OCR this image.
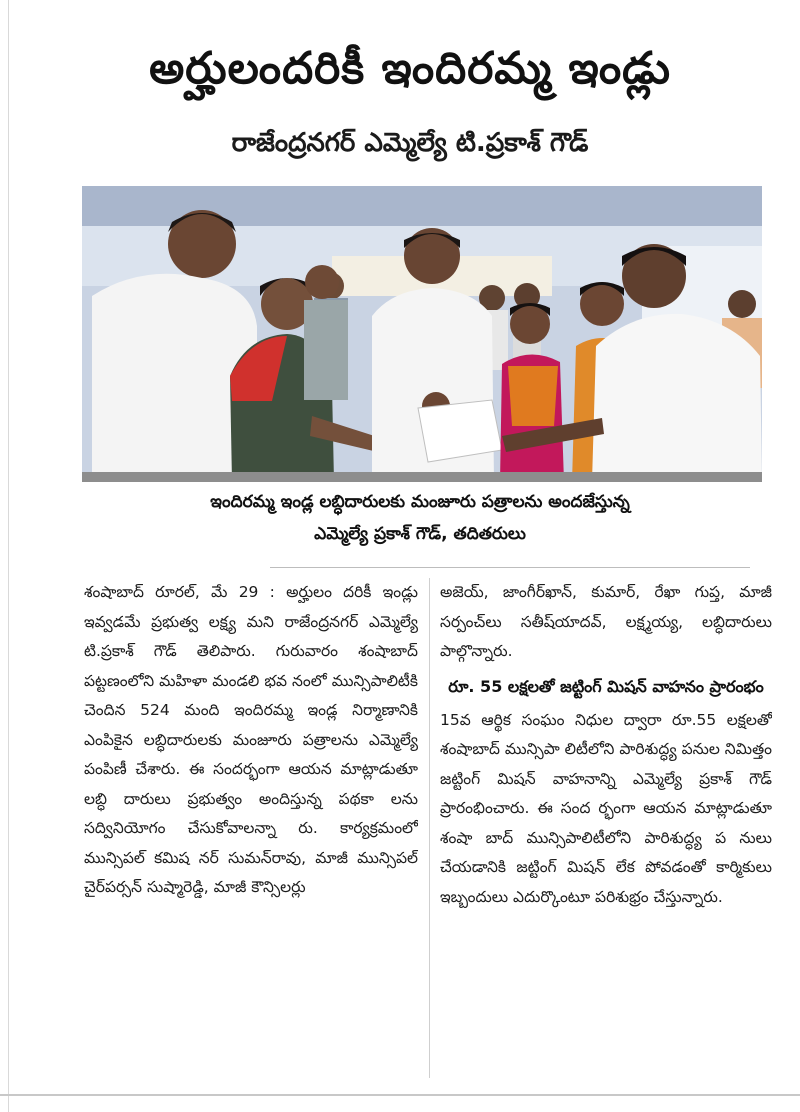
అర్హులందరికీ ఇందిరమ్మ ఇండ్లు
రాజేంద్రనగర్ ఎమ్మెల్యే టి.ప్రకాశ్ గౌడ్
ఇందిరమ్మ ఇండ్ల లబ్ధిదారులకు మంజూరు పత్రాలను అందజేస్తున్న
ఎమ్మెల్యే ప్రకాశ్ గౌడ్, తదితరులు

శంషాబాద్ రూరల్, మే 29 : అర్హులం దరికీ ఇండ్లు ఇవ్వడమే ప్రభుత్వ లక్ష్య మని రాజేంద్రనగర్ ఎమ్మెల్యే టి.ప్రకాశ్ గౌడ్ తెలిపారు. గురువారం శంషాబాద్ పట్టణంలోని మహిళా మండలి భవ నంలో మున్సిపాలిటీకి చెందిన 524 మంది ఇందిరమ్మ ఇండ్ల నిర్మాణానికి ఎంపికైన లబ్ధిదారులకు మంజూరు పత్రాలను ఎమ్మెల్యే పంపిణీ చేశారు. ఈ సందర్భంగా ఆయన మాట్లాడుతూ లబ్ధి దారులు ప్రభుత్వం అందిస్తున్న పథకా లను సద్వినియోగం చేసుకోవాలన్నా రు. కార్యక్రమంలో మున్సిపల్ కమిష నర్ సుమన్‌రావు, మాజీ మున్సిపల్ చైర్‌పర్సన్ సుష్మారెడ్డి, మాజీ కౌన్సిలర్లు

అజెయ్, జాంగీర్‌ఖాన్, కుమార్, రేఖా గుప్త, మాజీ సర్పంచ్‌లు సతీష్‌యాదవ్, లక్ష్మయ్య, లబ్ధిదారులు పాల్గొన్నారు.

రూ. 55 లక్షలతో జట్టింగ్ మిషన్ వాహనం ప్రారంభం

15వ ఆర్థిక సంఘం నిధుల ద్వారా రూ.55 లక్షలతో శంషాబాద్ మున్సిపా లిటీలోని పారిశుద్ధ్య పనుల నిమిత్తం జట్టింగ్ మిషన్ వాహనాన్ని ఎమ్మెల్యే ప్రకాశ్ గౌడ్ ప్రారంభించారు. ఈ సంద ర్భంగా ఆయన మాట్లాడుతూ శంషా బాద్ మున్సిపాలిటీలోని పారిశుద్ధ్య ప నులు చేయడానికి జట్టింగ్ మిషన్ లేక పోవడంతో కార్మికులు ఇబ్బందులు ఎదుర్కొంటూ పరిశుభ్రం చేస్తున్నారు.
